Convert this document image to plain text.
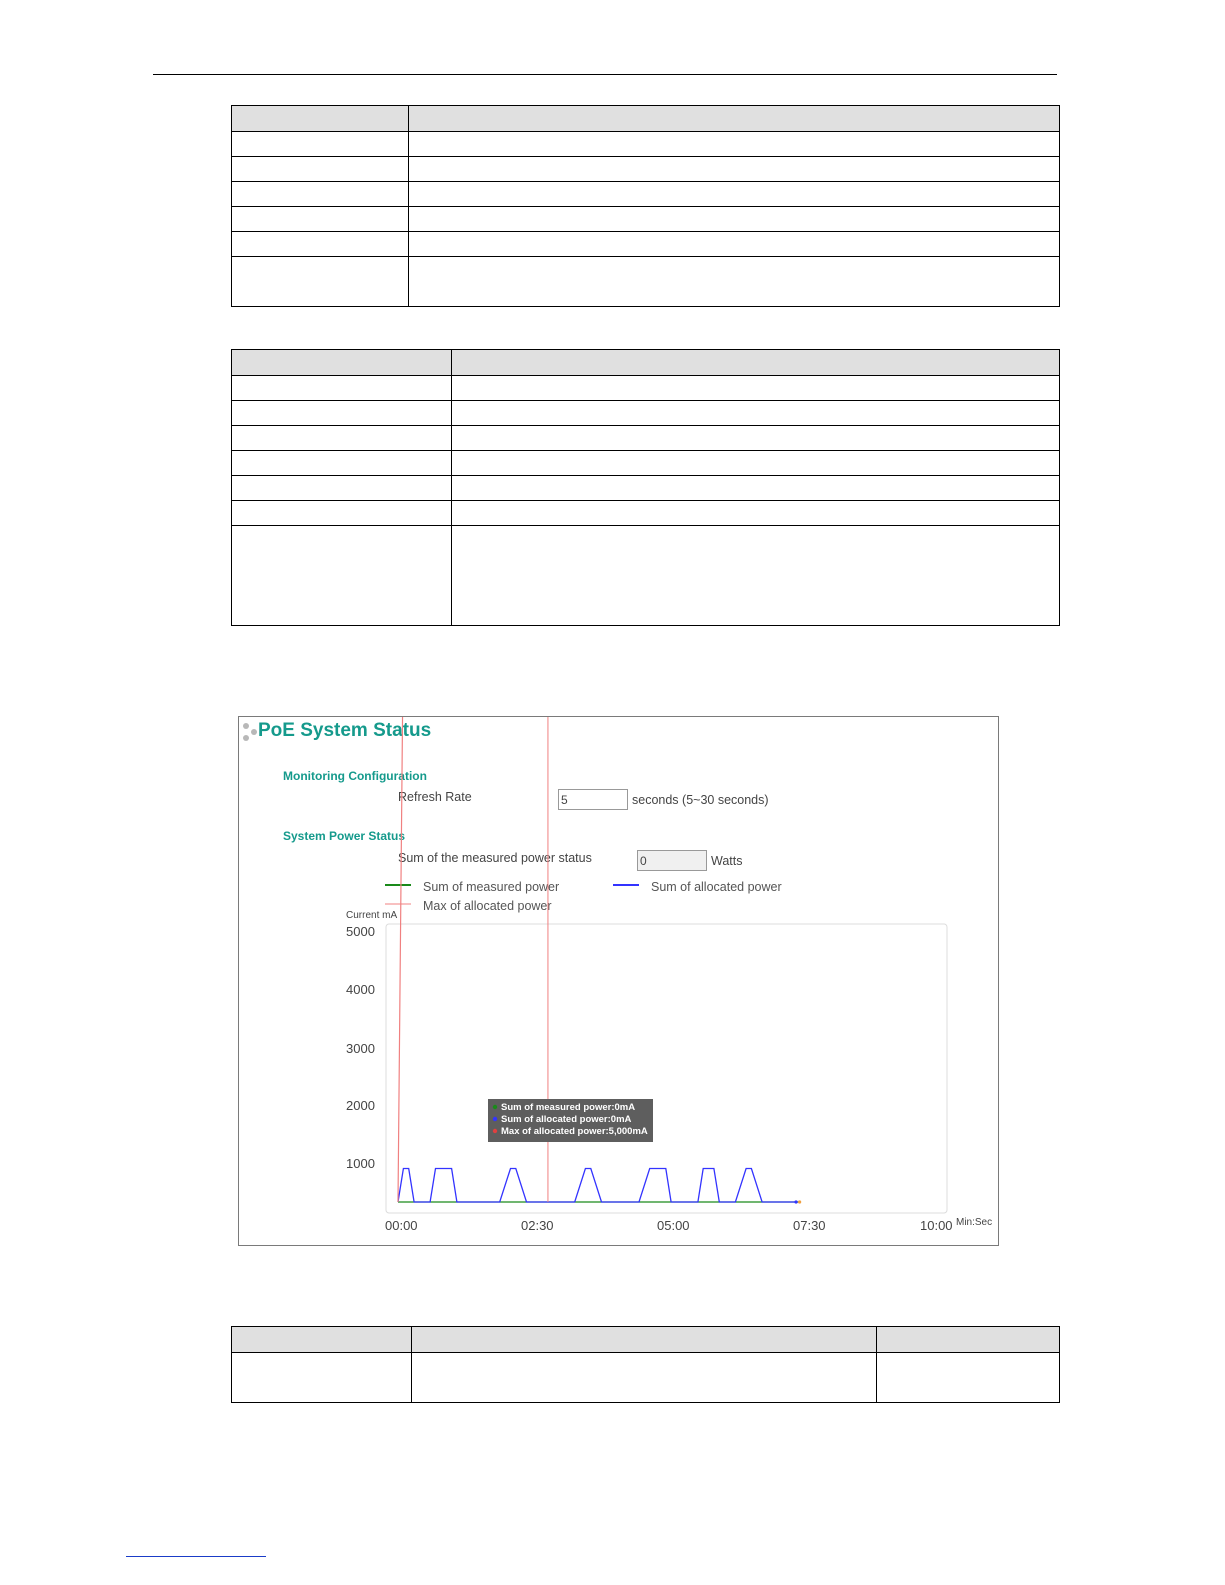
PoE System Status
Monitoring Configuration
Refresh Rate
5	seconds (5~30 seconds)
System Power Status
Sum of the measured power status
0	Watts
Sum of measured power	Sum of allocated power
Max of allocated power
Current mA
Min:Sec
5000
4000
3000
2000
1000
00:00	02:30	05:00	07:30	10:00
Sum of measured power:0mA
Sum of allocated power:0mA
Max of allocated power:5,000mA
